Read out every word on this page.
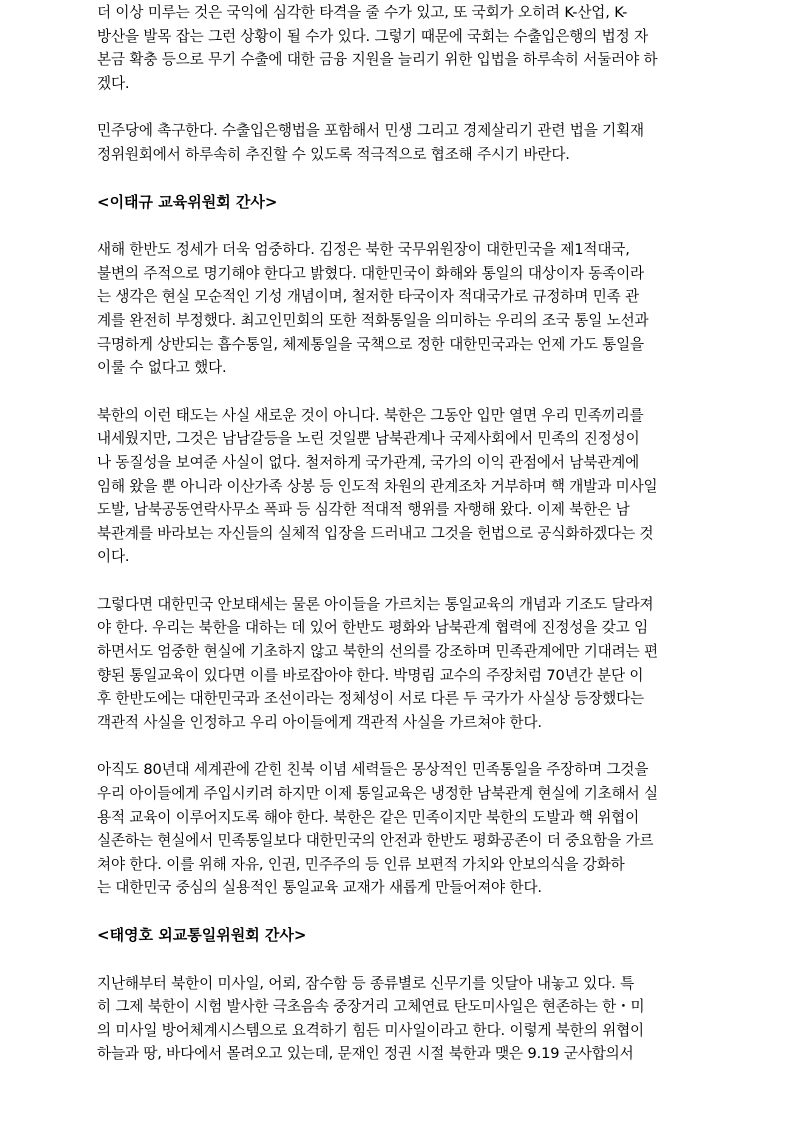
더 이상 미루는 것은 국익에 심각한 타격을 줄 수가 있고, 또 국회가 오히려 K-산업, K-
방산을 발목 잡는 그런 상황이 될 수가 있다. 그렇기 때문에 국회는 수출입은행의 법정 자
본금 확충 등으로 무기 수출에 대한 금융 지원을 늘리기 위한 입법을 하루속히 서둘러야 하
겠다.

민주당에 촉구한다. 수출입은행법을 포함해서 민생 그리고 경제살리기 관련 법을 기획재
정위원회에서 하루속히 추진할 수 있도록 적극적으로 협조해 주시기 바란다.

<이태규 교육위원회 간사>

새해 한반도 정세가 더욱 엄중하다. 김정은 북한 국무위원장이 대한민국을 제1적대국,
불변의 주적으로 명기해야 한다고 밝혔다. 대한민국이 화해와 통일의 대상이자 동족이라
는 생각은 현실 모순적인 기성 개념이며, 철저한 타국이자 적대국가로 규정하며 민족 관
계를 완전히 부정했다. 최고인민회의 또한 적화통일을 의미하는 우리의 조국 통일 노선과
극명하게 상반되는 흡수통일, 체제통일을 국책으로 정한 대한민국과는 언제 가도 통일을
이룰 수 없다고 했다.

북한의 이런 태도는 사실 새로운 것이 아니다. 북한은 그동안 입만 열면 우리 민족끼리를
내세웠지만, 그것은 남남갈등을 노린 것일뿐 남북관계나 국제사회에서 민족의 진정성이
나 동질성을 보여준 사실이 없다. 철저하게 국가관계, 국가의 이익 관점에서 남북관계에
임해 왔을 뿐 아니라 이산가족 상봉 등 인도적 차원의 관계조차 거부하며 핵 개발과 미사일
도발, 남북공동연락사무소 폭파 등 심각한 적대적 행위를 자행해 왔다. 이제 북한은 남
북관계를 바라보는 자신들의 실체적 입장을 드러내고 그것을 헌법으로 공식화하겠다는 것
이다.

그렇다면 대한민국 안보태세는 물론 아이들을 가르치는 통일교육의 개념과 기조도 달라져
야 한다. 우리는 북한을 대하는 데 있어 한반도 평화와 남북관계 협력에 진정성을 갖고 임
하면서도 엄중한 현실에 기초하지 않고 북한의 선의를 강조하며 민족관계에만 기대려는 편
향된 통일교육이 있다면 이를 바로잡아야 한다. 박명림 교수의 주장처럼 70년간 분단 이
후 한반도에는 대한민국과 조선이라는 정체성이 서로 다른 두 국가가 사실상 등장했다는
객관적 사실을 인정하고 우리 아이들에게 객관적 사실을 가르쳐야 한다.

아직도 80년대 세계관에 갇힌 친북 이념 세력들은 몽상적인 민족통일을 주장하며 그것을
우리 아이들에게 주입시키려 하지만 이제 통일교육은 냉정한 남북관계 현실에 기초해서 실
용적 교육이 이루어지도록 해야 한다. 북한은 같은 민족이지만 북한의 도발과 핵 위협이
실존하는 현실에서 민족통일보다 대한민국의 안전과 한반도 평화공존이 더 중요함을 가르
쳐야 한다. 이를 위해 자유, 인권, 민주주의 등 인류 보편적 가치와 안보의식을 강화하
는 대한민국 중심의 실용적인 통일교육 교재가 새롭게 만들어져야 한다.

<태영호 외교통일위원회 간사>

지난해부터 북한이 미사일, 어뢰, 잠수함 등 종류별로 신무기를 잇달아 내놓고 있다. 특
히 그제 북한이 시험 발사한 극초음속 중장거리 고체연료 탄도미사일은 현존하는 한・미
의 미사일 방어체계시스템으로 요격하기 힘든 미사일이라고 한다. 이렇게 북한의 위협이
하늘과 땅, 바다에서 몰려오고 있는데, 문재인 정권 시절 북한과 맺은 9.19 군사합의서
